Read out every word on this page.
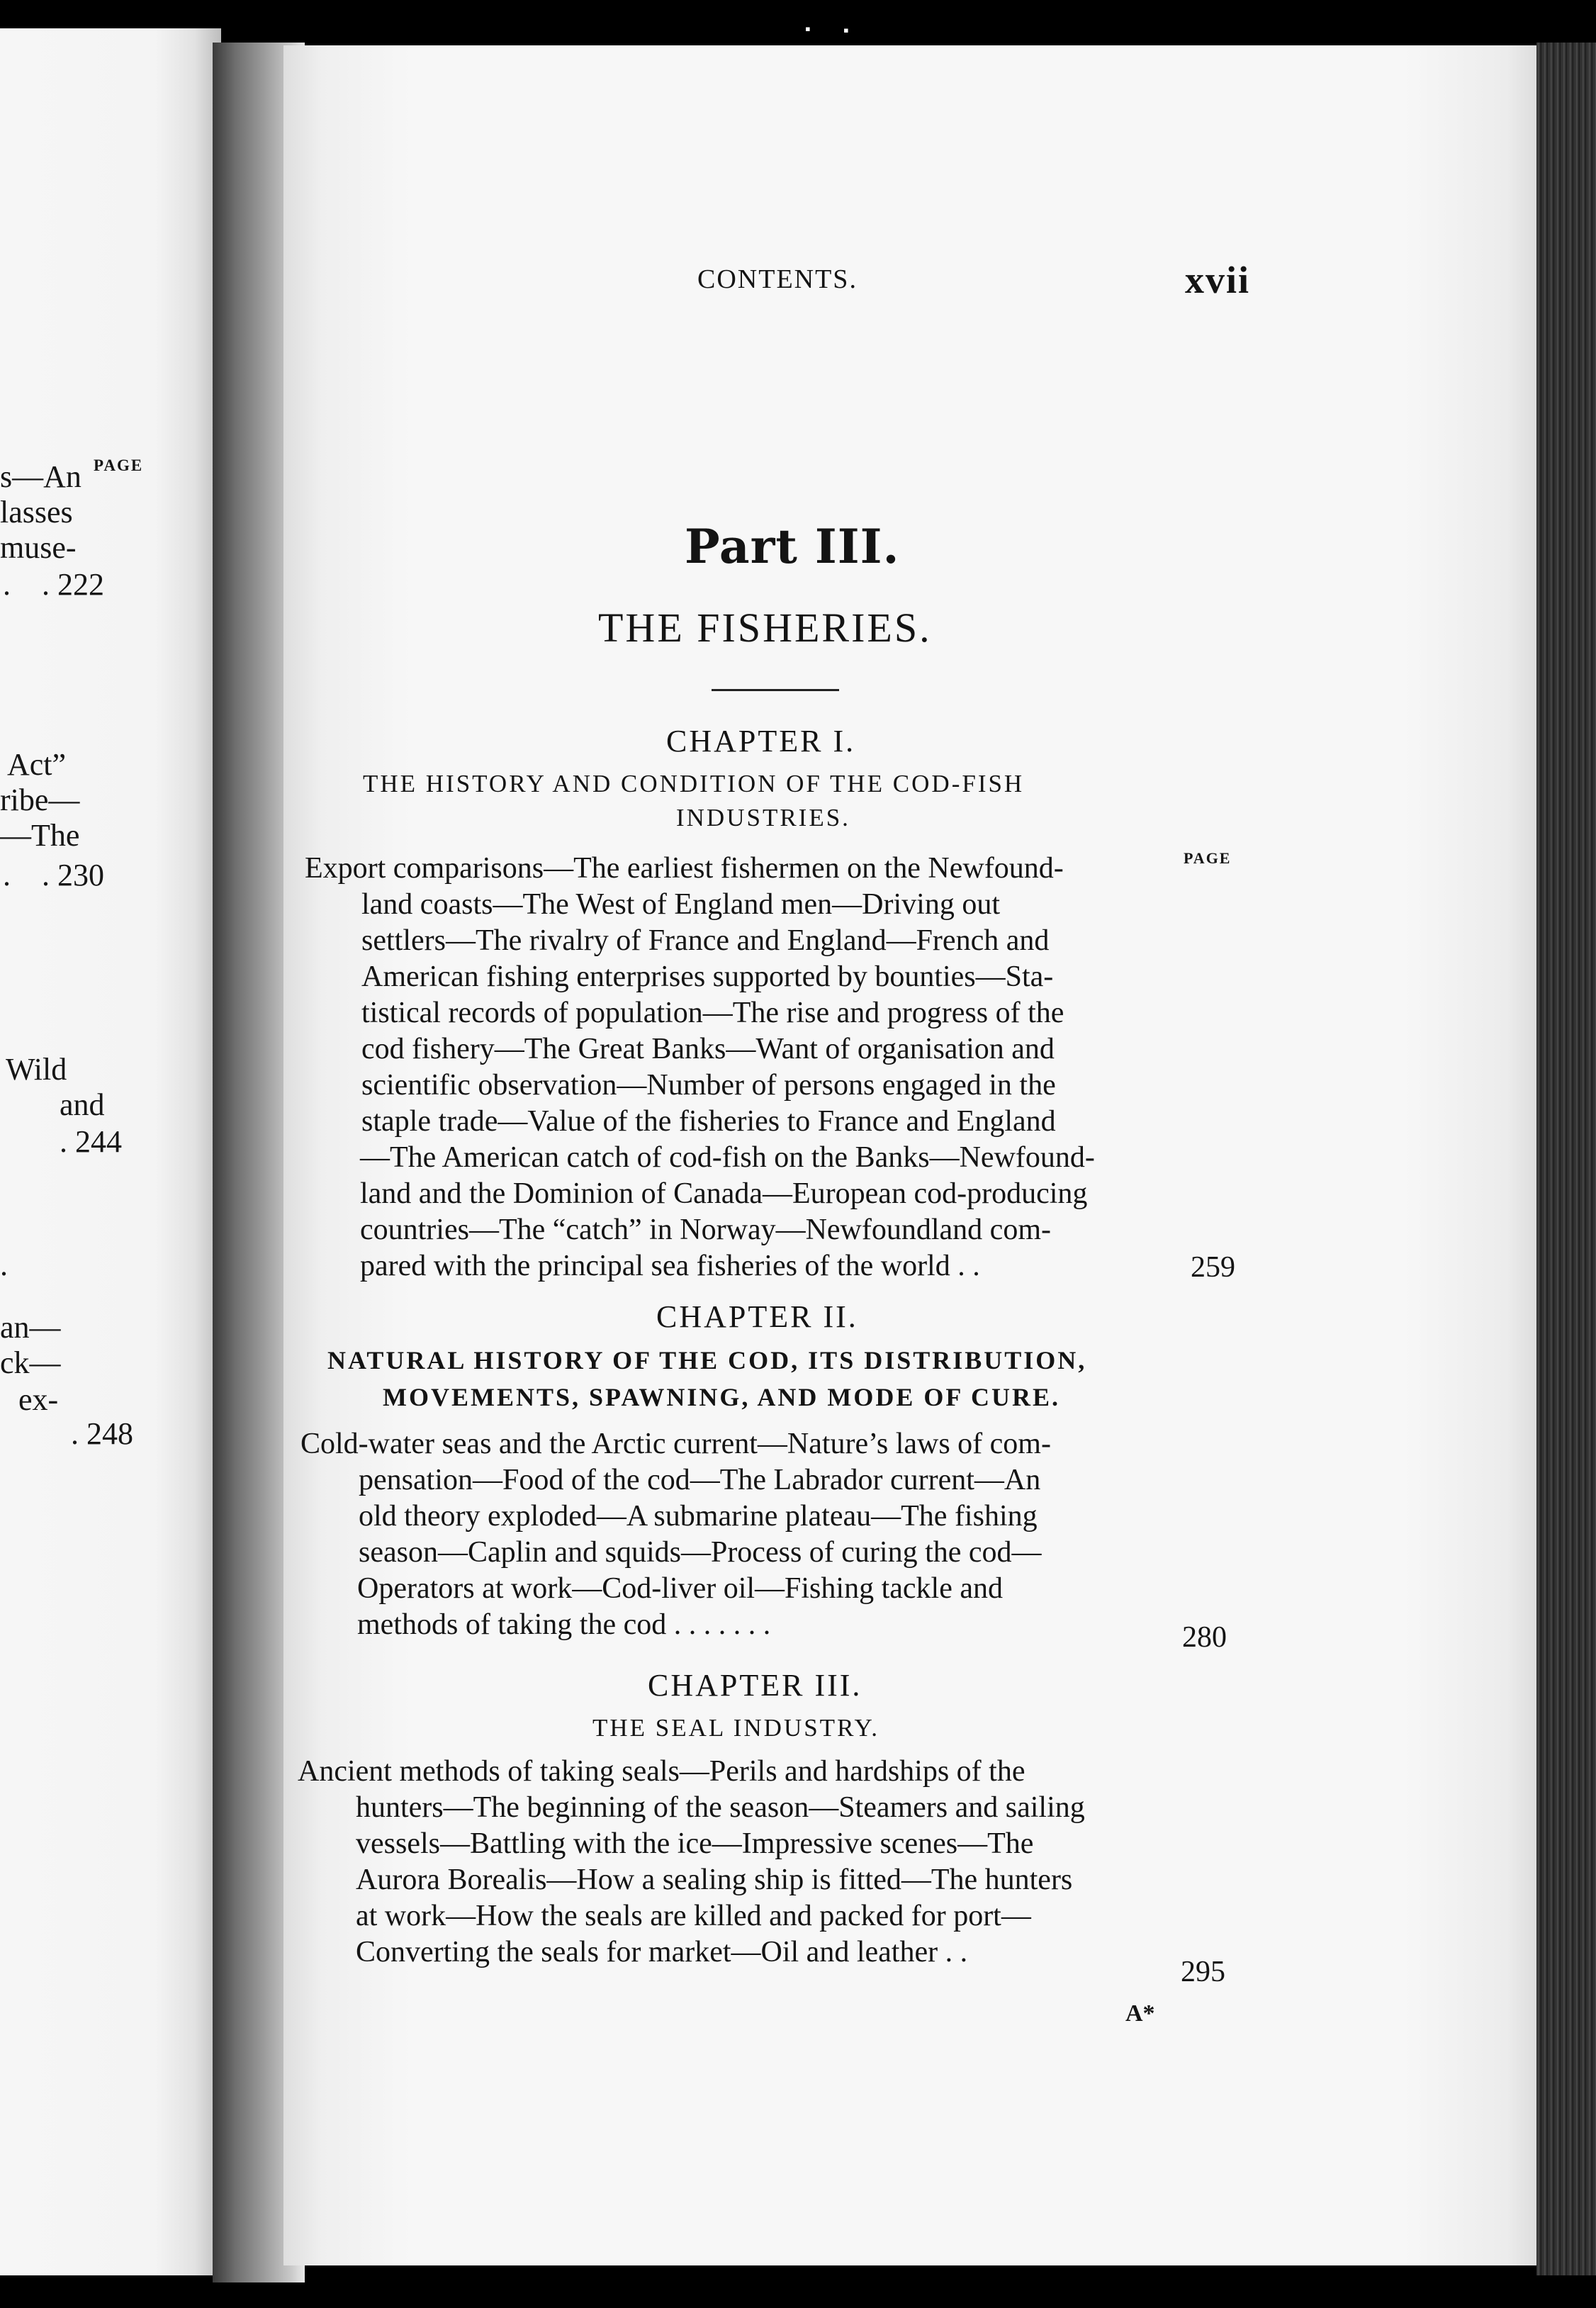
PAGE
s—An
lasses
muse-
.    . 222
Act”
ribe—
—The
.    . 230
Wild
and
. 244
.
an—
ck—
ex-
. 248
▪ ▪
CONTENTS.	xvii
Part III.
THE FISHERIES.
CHAPTER I.
THE HISTORY AND CONDITION OF THE COD-FISH
INDUSTRIES.
PAGE
Export comparisons—The earliest fishermen on the Newfound-
land coasts—The West of England men—Driving out
settlers—The rivalry of France and England—French and
American fishing enterprises supported by bounties—Sta-
tistical records of population—The rise and progress of the
cod fishery—The Great Banks—Want of organisation and
scientific observation—Number of persons engaged in the
staple trade—Value of the fisheries to France and England
—The American catch of cod-fish on the Banks—Newfound-
land and the Dominion of Canada—European cod-producing
countries—The “catch” in Norway—Newfoundland com-
pared with the principal sea fisheries of the world . .	259
CHAPTER II.
NATURAL HISTORY OF THE COD, ITS DISTRIBUTION,
MOVEMENTS, SPAWNING, AND MODE OF CURE.
Cold-water seas and the Arctic current—Nature’s laws of com-
pensation—Food of the cod—The Labrador current—An
old theory exploded—A submarine plateau—The fishing
season—Caplin and squids—Process of curing the cod—
Operators at work—Cod-liver oil—Fishing tackle and
methods of taking the cod . . . . . . .	280
CHAPTER III.
THE SEAL INDUSTRY.
Ancient methods of taking seals—Perils and hardships of the
hunters—The beginning of the season—Steamers and sailing
vessels—Battling with the ice—Impressive scenes—The
Aurora Borealis—How a sealing ship is fitted—The hunters
at work—How the seals are killed and packed for port—
Converting the seals for market—Oil and leather . .
295
A*
